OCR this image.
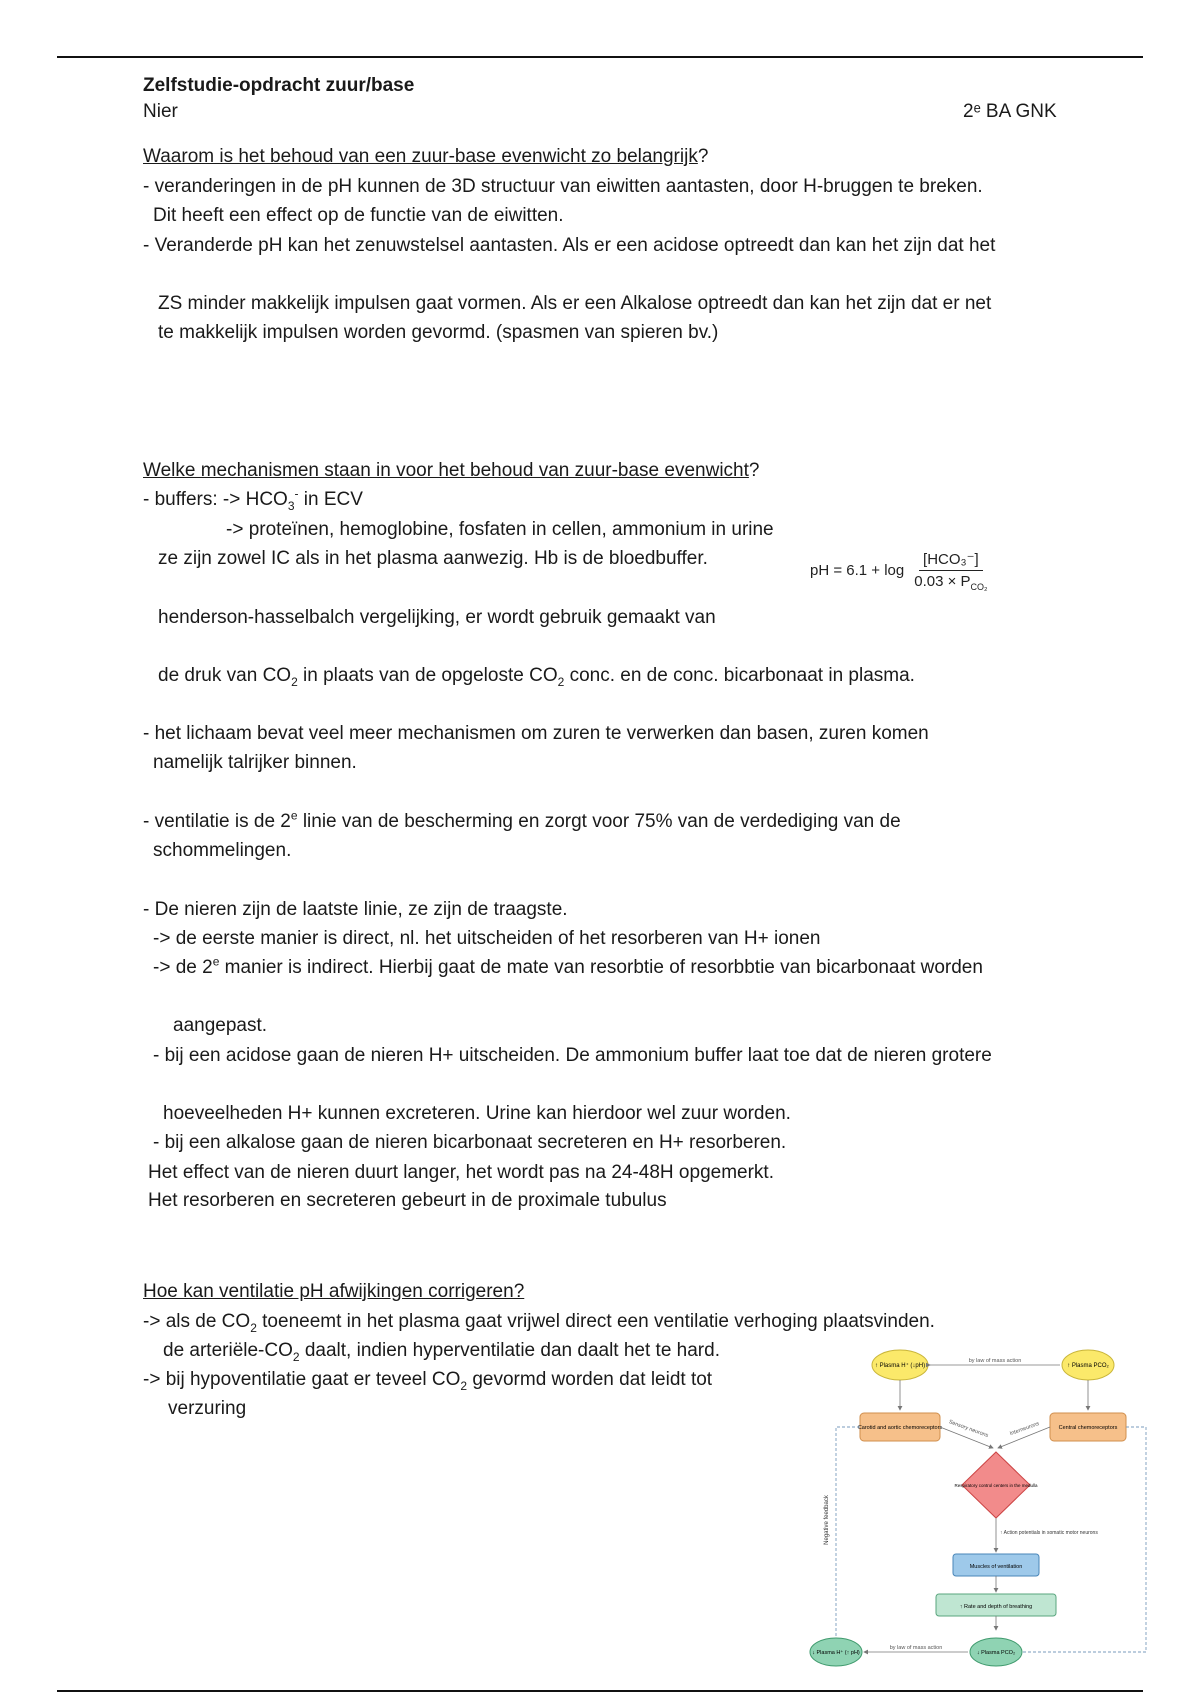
Zelfstudie-opdracht zuur/base
Nier	2ᵉ BA GNK
Waarom is het behoud van een zuur-base evenwicht zo belangrijk?
- veranderingen in de pH kunnen de 3D structuur van eiwitten aantasten, door H-bruggen te breken.
Dit heeft een effect op de functie van de eiwitten.
- Veranderde pH kan het zenuwstelsel aantasten. Als er een acidose optreedt dan kan het zijn dat het
ZS minder makkelijk impulsen gaat vormen. Als er een Alkalose optreedt dan kan het zijn dat er net
te makkelijk impulsen worden gevormd. (spasmen van spieren bv.)
Welke mechanismen staan in voor het behoud van zuur-base evenwicht?
- buffers: -> $HCO_3^-$ in ECV
-> proteïnen, hemoglobine, fosfaten in cellen, ammonium in urine
ze zijn zowel IC als in het plasma aanwezig. Hb is de bloedbuffer.
pH = $6.1 + \log \frac{\text{[HCO₃⁻]}}{0.03 \times P_{CO_2}}$
henderson-hasselbalch vergelijking, er wordt gebruik gemaakt van
de druk van $CO_2$ in plaats van de opgeloste $CO_2$ conc. en de conc. bicarbonaat in plasma.
- het lichaam bevat veel meer mechanismen om zuren te verwerken dan basen, zuren komen
namelijk talrijker binnen.
- ventilatie is de 2e linie van de bescherming en zorgt voor 75% van de verdediging van de
schommelingen.
- De nieren zijn de laatste linie, ze zijn de traagste.
-> de eerste manier is direct, nl. het uitscheiden of het resorberen van H+ ionen
-> de 2e manier is indirect. Hierbij gaat de mate van resorbtie of resorbbtie van bicarbonaat worden
aangepast.
- bij een acidose gaan de nieren H+ uitscheiden. De ammonium buffer laat toe dat de nieren grotere
hoeveelheden H+ kunnen excreteren. Urine kan hierdoor wel zuur worden.
- bij een alkalose gaan de nieren bicarbonaat secreteren en H+ resorberen.
Het effect van de nieren duurt langer, het wordt pas na 24-48H opgemerkt.
Het resorberen en secreteren gebeurt in de proximale tubulus
Hoe kan ventilatie pH afwijkingen corrigeren?
-> als de $CO_2$ toeneemt in het plasma gaat vrijwel direct een ventilatie verhoging plaatsvinden.
de arteriële-$CO_2$ daalt, indien hyperventilatie dan daalt het te hard.
-> bij hypoventilatie gaat er teveel $CO_2$ gevormd worden dat leidt tot
verzuring
↑ Plasma H⁺ (↓pH)	↑ Plasma PCO₂
by law of mass action
Carotid and aortic chemoreceptors	Central chemoreceptors
Sensory neurons	Interneurons
Respiratory control centers in the medulla
↑ Action potentials in somatic motor neurons
Muscles of ventilation
↑ Rate and depth of breathing
↓ Plasma H⁺ (↑ pH)	↓ Plasma PCO₂
by law of mass action
Negative feedback
